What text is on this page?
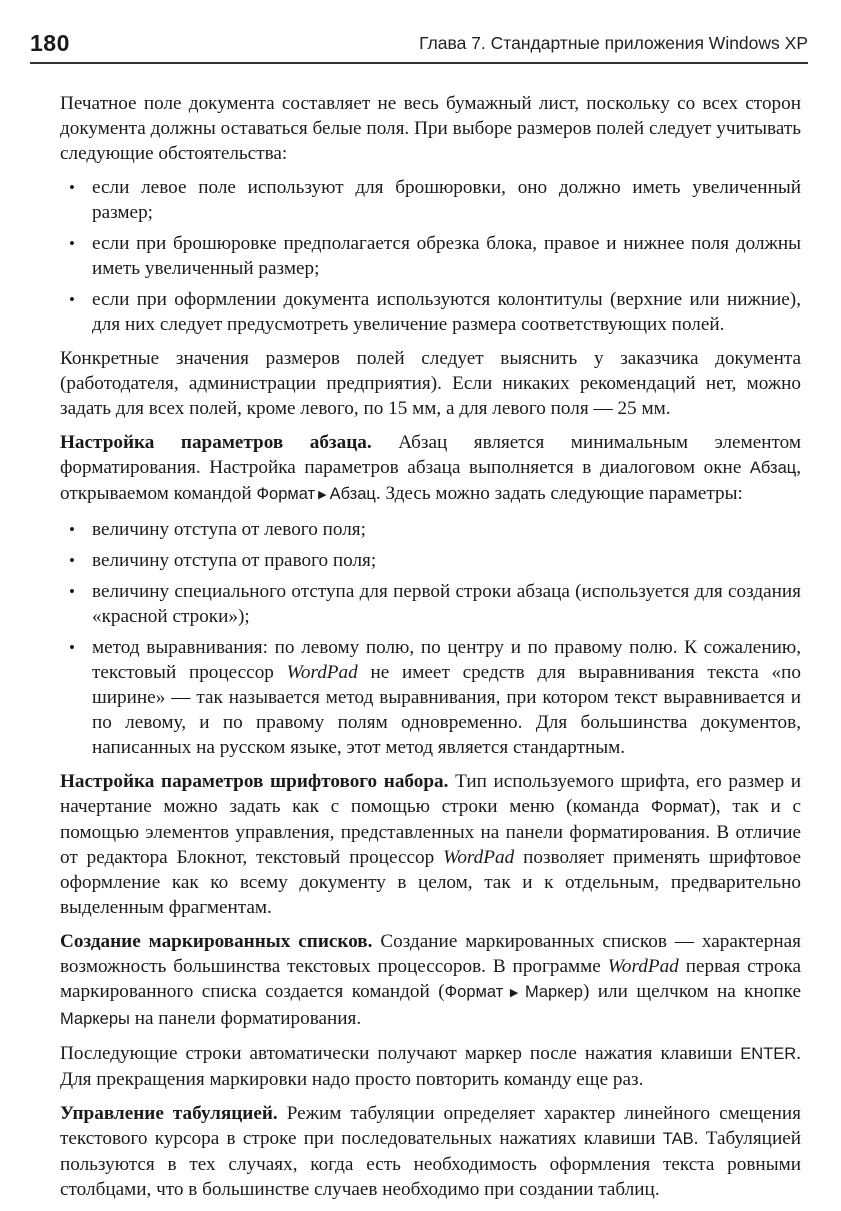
180	Глава 7. Стандартные приложения Windows XP

Печатное поле документа составляет не весь бумажный лист, поскольку со всех сторон документа должны оставаться белые поля. При выборе размеров полей следует учитывать следующие обстоятельства:

• если левое поле используют для брошюровки, оно должно иметь увеличенный размер;
• если при брошюровке предполагается обрезка блока, правое и нижнее поля должны иметь увеличенный размер;
• если при оформлении документа используются колонтитулы (верхние или нижние), для них следует предусмотреть увеличение размера соответствующих полей.

Конкретные значения размеров полей следует выяснить у заказчика документа (работодателя, администрации предприятия). Если никаких рекомендаций нет, можно задать для всех полей, кроме левого, по 15 мм, а для левого поля — 25 мм.

Настройка параметров абзаца. Абзац является минимальным элементом форматирования. Настройка параметров абзаца выполняется в диалоговом окне Абзац, открываемом командой Формат ▶ Абзац. Здесь можно задать следующие параметры:

• величину отступа от левого поля;
• величину отступа от правого поля;
• величину специального отступа для первой строки абзаца (используется для создания «красной строки»);
• метод выравнивания: по левому полю, по центру и по правому полю. К сожалению, текстовый процессор WordPad не имеет средств для выравнивания текста «по ширине» — так называется метод выравнивания, при котором текст выравнивается и по левому, и по правому полям одновременно. Для большинства документов, написанных на русском языке, этот метод является стандартным.

Настройка параметров шрифтового набора. Тип используемого шрифта, его размер и начертание можно задать как с помощью строки меню (команда Формат), так и с помощью элементов управления, представленных на панели форматирования. В отличие от редактора Блокнот, текстовый процессор WordPad позволяет применять шрифтовое оформление как ко всему документу в целом, так и к отдельным, предварительно выделенным фрагментам.

Создание маркированных списков. Создание маркированных списков — характерная возможность большинства текстовых процессоров. В программе WordPad первая строка маркированного списка создается командой (Формат ▶ Маркер) или щелчком на кнопке Маркеры на панели форматирования.

Последующие строки автоматически получают маркер после нажатия клавиши ENTER. Для прекращения маркировки надо просто повторить команду еще раз.

Управление табуляцией. Режим табуляции определяет характер линейного смещения текстового курсора в строке при последовательных нажатиях клавиши TAB. Табуляцией пользуются в тех случаях, когда есть необходимость оформления текста ровными столбцами, что в большинстве случаев необходимо при создании таблиц.
